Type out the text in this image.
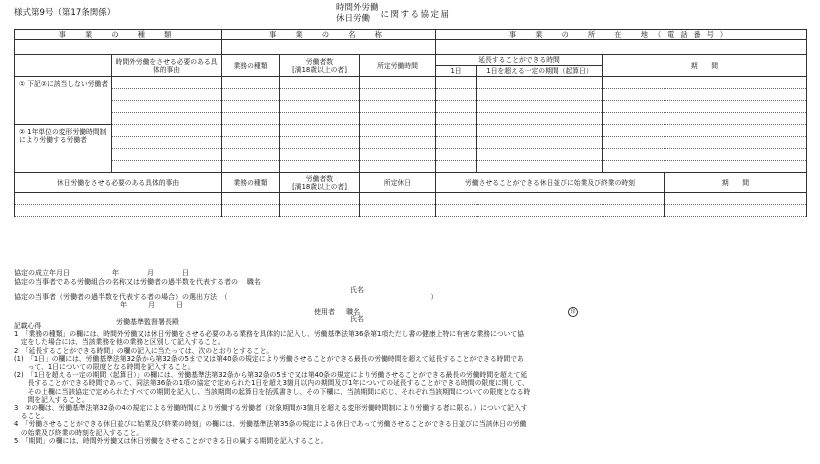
様式第9号（第17条関係）	時間外労働
休日労働	に関する協定届
事　業　の　種　類		事　業　の　名　称			事　業　の　所　在　地（電話番号）			

	時間外労働をさせる必要のある具体的事由	業務の種類	労働者数
[満18歳以上の者]	所定労働時間	延長することができる時間		期　　間	
					1日	1日を超える一定の期間（起算日）		
① 下記②に該当しない労働者								

② 1年単位の変形労働時間制により労働する労働者								

休日労働をさせる必要のある具体的事由		業務の種類	労働者数
[満18歳以上の者]	所定休日	労働させることができる休日並びに始業及び終業の時刻			期　　間

協定の成立年月日　　　　　　年　　　　月　　　　日
協定の当事者である労働組合の名称又は労働者の過半数を代表する者の 職名
氏名
協定の当事者（労働者の過半数を代表する者の場合）の選出方法　（　　　　　　　　　　　　　　　　　　　　　　　　　　　　　）
年　　　月　　　日
使用者 職名
氏名
印
労働基準監督署長殿
記載心得
1　「業務の種類」の欄には、時間外労働又は休日労働をさせる必要のある業務を具体的に記入し、労働基準法第36条第1項ただし書の健康上特に有害な業務について協
　定をした場合には、当該業務を他の業務と区別して記入すること。
2　「延長することができる時間」の欄の記入に当たっては、次のとおりとすること。
(1)　「1日」の欄には、労働基準法第32条から第32条の5まで又は第40条の規定により労働させることができる最長の労働時間を超えて延長することができる時間であ
　　って、1日についての限度となる時間を記入すること。
(2)　「1日を超える一定の期間（起算日）」の欄には、労働基準法第32条から第32条の5まで又は第40条の規定により労働させることができる最長の労働時間を超えて延
　　長することができる時間であって、同法第36条の1項の協定で定められた1日を超え3箇月以内の期間及び1年についての延長することができる時間の限度に関して、
　　その上欄に当該協定で定められたすべての期間を記入し、当該期間の起算日を括弧書きし、その下欄に、当該期間に応じ、それぞれ当該期間についての限度となる時
　　間を記入すること。
3　②の欄は、労働基準法第32条の4の規定による労働時間により労働する労働者（対象期間が3箇月を超える変形労働時間制により労働する者に限る。）について記入す
　ること。
4　「労働させることができる休日並びに始業及び終業の時刻」の欄には、労働基準法第35条の規定による休日であって労働させることができる日並びに当該休日の労働
　の始業及び終業の時刻を記入すること。
5　「期間」の欄には、時間外労働又は休日労働をさせることができる日の属する期間を記入すること。
